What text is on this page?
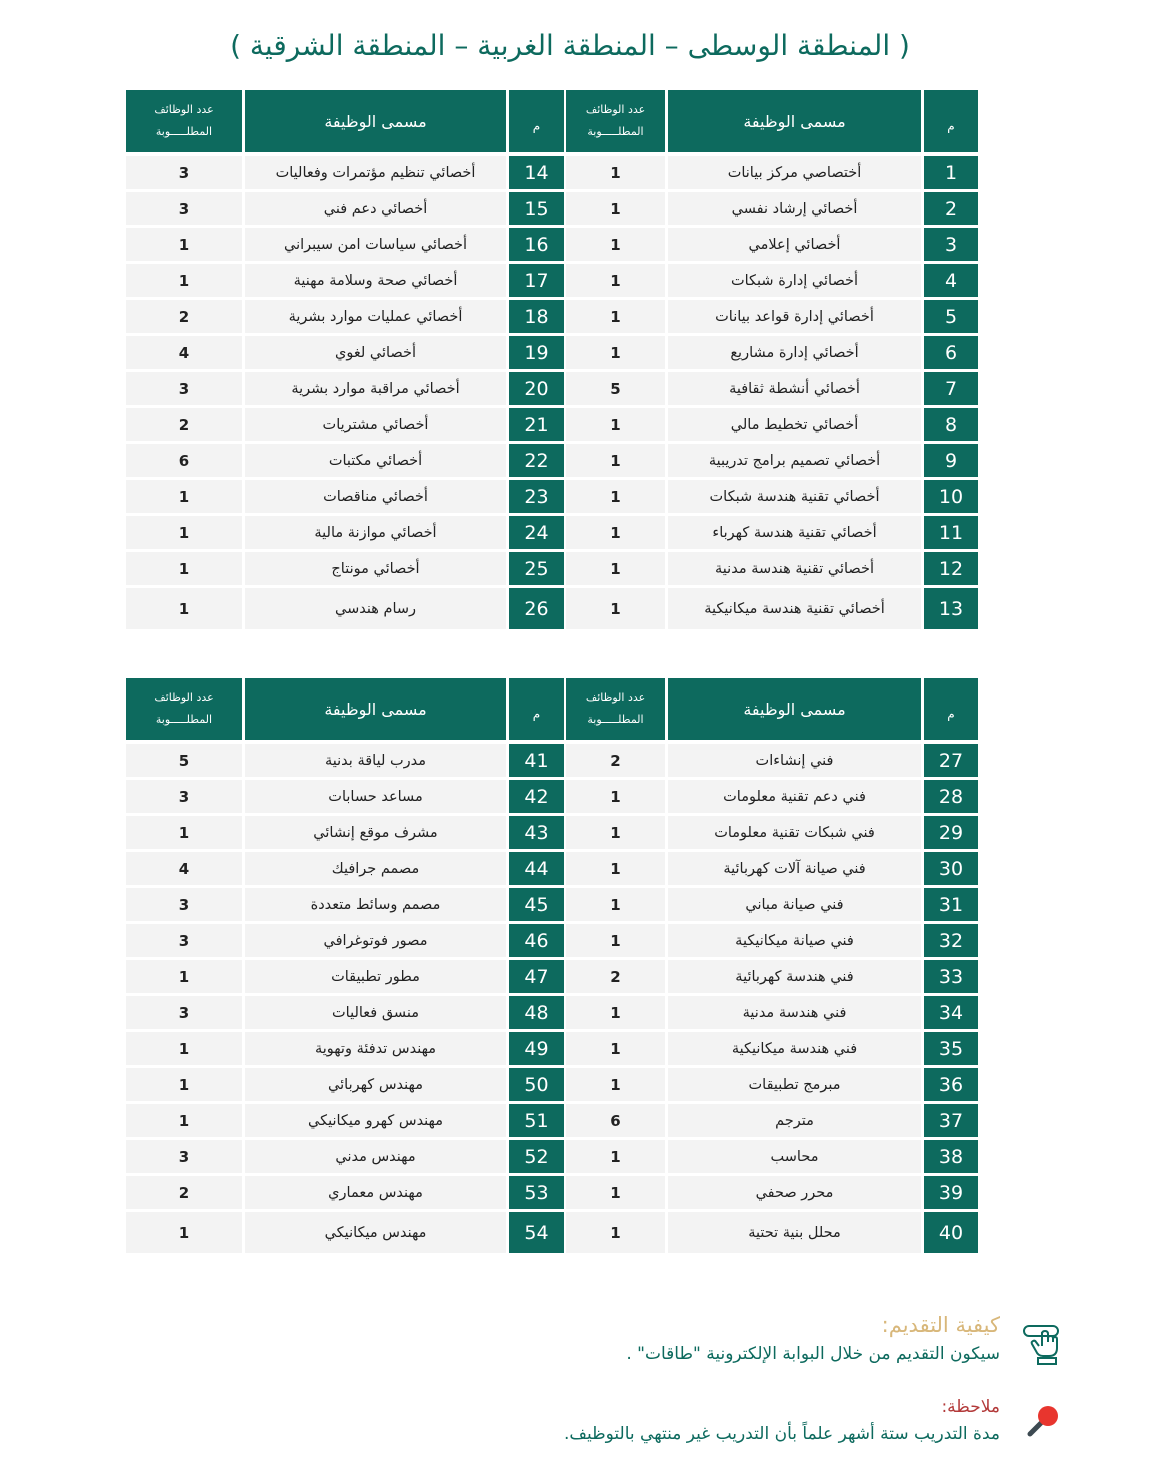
( المنطقة الوسطى – المنطقة الغربية – المنطقة الشرقية )
م
1
2
3
4
5
6
7
8
9
10
11
12
13
مسمى الوظيفة
أختصاصي مركز بيانات
أخصائي إرشاد نفسي
أخصائي إعلامي
أخصائي إدارة شبكات
أخصائي إدارة قواعد بيانات
أخصائي إدارة مشاريع
أخصائي أنشطة ثقافية
أخصائي تخطيط مالي
أخصائي تصميم برامج تدريبية
أخصائي تقنية هندسة شبكات
أخصائي تقنية هندسة كهرباء
أخصائي تقنية هندسة مدنية
أخصائي تقنية هندسة ميكانيكية
عدد الوظائف
المطلـــــوبة
1
1
1
1
1
1
5
1
1
1
1
1
1
م
14
15
16
17
18
19
20
21
22
23
24
25
26
مسمى الوظيفة
أخصائي تنظيم مؤتمرات وفعاليات
أخصائي دعم فني
أخصائي سياسات امن سيبراني
أخصائي صحة وسلامة مهنية
أخصائي عمليات موارد بشرية
أخصائي لغوي
أخصائي مراقبة موارد بشرية
أخصائي مشتريات
أخصائي مكتبات
أخصائي مناقصات
أخصائي موازنة مالية
أخصائي مونتاج
رسام هندسي
عدد الوظائف
المطلـــــوبة
3
3
1
1
2
4
3
2
6
1
1
1
1
م
27
28
29
30
31
32
33
34
35
36
37
38
39
40
مسمى الوظيفة
فني إنشاءات
فني دعم تقنية معلومات
فني شبكات تقنية معلومات
فني صيانة آلات كهربائية
فني صيانة مباني
فني صيانة ميكانيكية
فني هندسة كهربائية
فني هندسة مدنية
فني هندسة ميكانيكية
مبرمج تطبيقات
مترجم
محاسب
محرر صحفي
محلل بنية تحتية
عدد الوظائف
المطلـــــوبة
2
1
1
1
1
1
2
1
1
1
6
1
1
1
م
41
42
43
44
45
46
47
48
49
50
51
52
53
54
مسمى الوظيفة
مدرب لياقة بدنية
مساعد حسابات
مشرف موقع إنشائي
مصمم جرافيك
مصمم وسائط متعددة
مصور فوتوغرافي
مطور تطبيقات
منسق فعاليات
مهندس تدفئة وتهوية
مهندس كهربائي
مهندس كهرو ميكانيكي
مهندس مدني
مهندس معماري
مهندس ميكانيكي
عدد الوظائف
المطلـــــوبة
5
3
1
4
3
3
1
3
1
1
1
3
2
1
كيفية التقديم:
سيكون التقديم من خلال البوابة الإلكترونية "طاقات" .
ملاحظة:
مدة التدريب ستة أشهر علماً بأن التدريب غير منتهي بالتوظيف.
